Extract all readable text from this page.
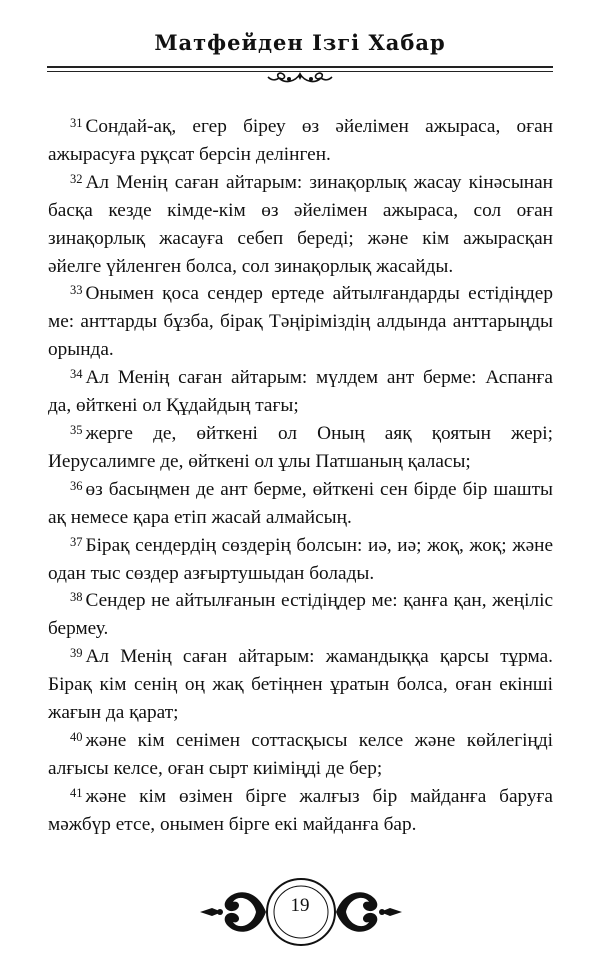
Матфейден Ізгі Хабар

$^{31}$ Сондай-ақ, егер біреу өз әйелімен ажыраса, оған ажырасуға рұқсат берсін делінген.

$^{32}$ Ал Менің саған айтарым: зинақорлық жасау кінәсынан басқа кезде кімде-кім өз әйелімен ажыраса, сол оған зинақорлық жасауға себеп береді; және кім ажырасқан әйелге үйленген болса, сол зинақорлық жасайды.

$^{33}$ Онымен қоса сендер ертеде айтылғандарды естідіңдер ме: анттарды бұзба, бірақ Тәңіріміздің алдында анттарыңды орында.

$^{34}$ Ал Менің саған айтарым: мүлдем ант берме: Аспанға да, өйткені ол Құдайдың тағы;

$^{35}$ жерге де, өйткені ол Оның аяқ қоятын жері; Иерусалимге де, өйткені ол ұлы Патшаның қаласы;

$^{36}$ өз басыңмен де ант берме, өйткені сен бірде бір шашты ақ немесе қара етіп жасай алмайсың.

$^{37}$ Бірақ сендердің сөздерің болсын: иә, иә; жоқ, жоқ; және одан тыс сөздер азғыртушыдан болады.

$^{38}$ Сендер не айтылғанын естідіңдер ме: қанға қан, жеңіліс бермеу.

$^{39}$ Ал Менің саған айтарым: жамандыққа қарсы тұрма. Бірақ кім сенің оң жақ бетіңнен ұратын болса, оған екінші жағын да қарат;

$^{40}$ және кім сенімен соттасқысы келсе және көйлегіңді алғысы келсе, оған сырт киіміңді де бер;

$^{41}$ және кім өзімен бірге жалғыз бір майданға баруға мәжбүр етсе, онымен бірге екі майданға бар.

19
